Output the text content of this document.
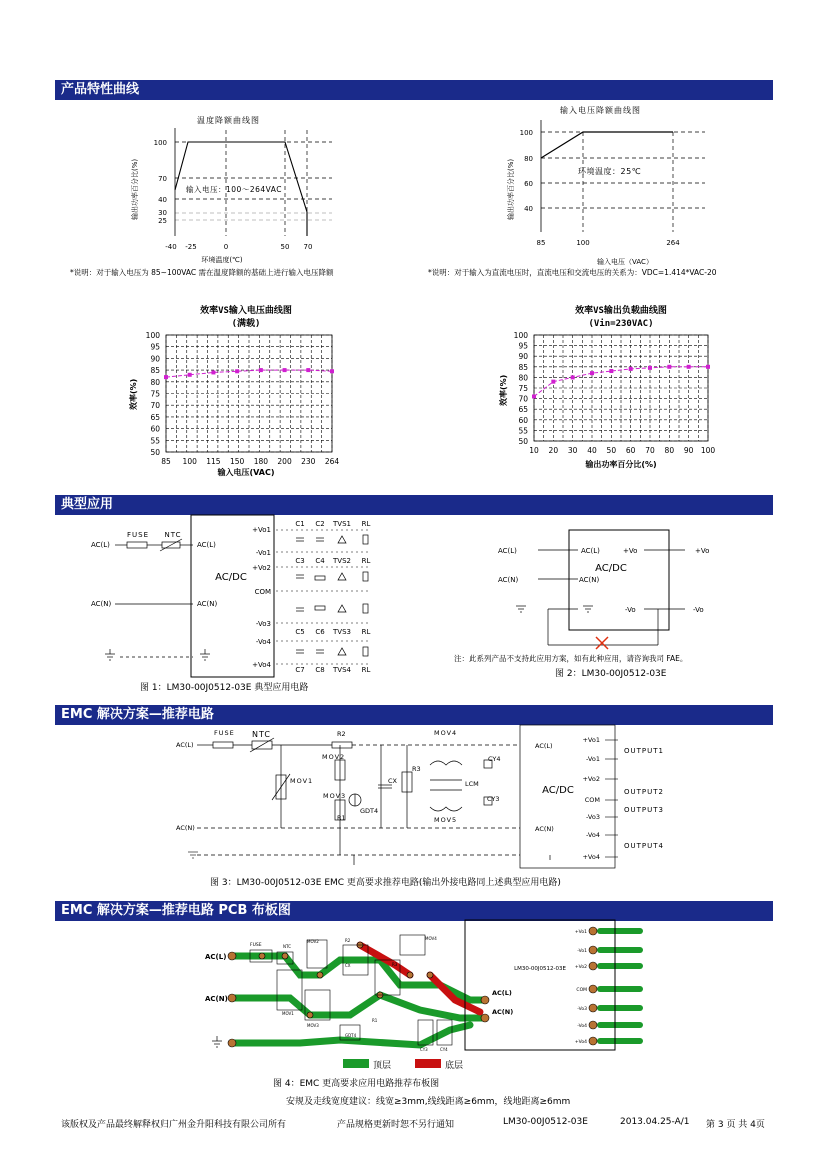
产品特性曲线
典型应用
EMC 解决方案—推荐电路
EMC 解决方案—推荐电路 PCB 布板图
温度降额曲线图
100
70
40
30
25
-40 -25	0	50 70
环境温度(℃)
输出功率百分比(%)	输入电压：100～264VAC
*说明：对于输入电压为 85~100VAC 需在温度降额的基础上进行输入电压降额
输入电压降额曲线图
100
80
60
40
85	100	264
输入电压（VAC）
输出功率百分比(%)	环境温度：25℃
*说明：对于输入为直流电压时，直流电压和交流电压的关系为：VDC=1.414*VAC-20
效率VS输入电压曲线图
(满载)
输入电压(VAC)
效率(%)
效率VS输出负载曲线图
(Vin=230VAC)
输出功率百分比(%)
效率(%)
100
95
90
85
80
75
70
65
60
55
50
85 100 115 150 180 200 230 264
100
95
90
85
80
75
70
65
60
55
50
10 20 30 40 50 60 70 80 90 100
AC/DC
FUSE NTC
AC(L)	AC(L)
AC(N)	AC(N)
+Vo1
-Vo1
+Vo2
COM
-Vo3
-Vo4
+Vo4
C1 C2 TVS1 RL
C3 C4 TVS2 RL
C5 C6 TVS3 RL
C7 C8 TVS4 RL
图 1：LM30-00J0512-03E 典型应用电路
AC/DC
AC(L)	AC(L)
AC(N)	AC(N)
+Vo	+Vo
-Vo	-Vo
注：此系列产品不支持此应用方案，如有此种应用，请咨询我司 FAE。
图 2：LM30-00J0512-03E
AC(L)
AC(N)
AC(L)
AC(N)
FUSE NTC	R2
MOV2
MOV4
CY4
MOV1	CX
R3
LCM
CY3
MOV3
GDT4
R1	MOV5
AC/DC
+Vo1
-Vo1
+Vo2
COM
-Vo3
-Vo4
+Vo4
OUTPUT1
OUTPUT2
OUTPUT3
OUTPUT4
图 3：LM30-00J0512-03E EMC 更高要求推荐电路(输出外接电路同上述典型应用电路)
LM30-00J0512-03E
AC(L)
AC(N)
AC(L)
AC(N)
FUSE	NTC
MOV2	R2	MOV4
CX	R3
MOV1
MOV3
GDT4
R1
CY3	CY4
+Vo1
-Vo1
+Vo2
COM
-Vo3
-Vo4
+Vo4
顶层	底层
图 4：EMC 更高要求应用电路推荐布板图
安规及走线宽度建议：线宽≥3mm,线线距离≥6mm，线地距离≥6mm
该版权及产品最终解释权归广州金升阳科技有限公司所有	产品规格更新时恕不另行通知	LM30-00J0512-03E	2013.04.25-A/1 第 3 页 共 4页
